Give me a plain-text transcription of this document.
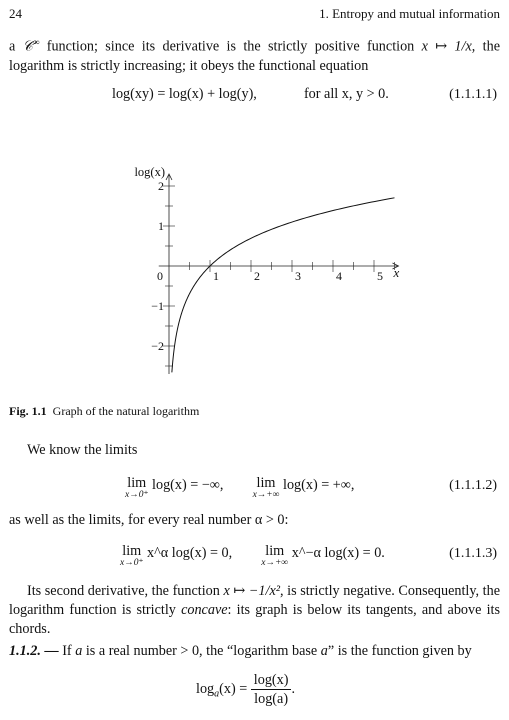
24	1. Entropy and mutual information
a 𝒞∞ function; since its derivative is the strictly positive function x ↦ 1/x, the logarithm is strictly increasing; it obeys the functional equation
log(xy) = log(x) + log(y),	for all x, y > 0.	(1.1.1.1)
1	2	3	4	5
0
2
1
−1
−2
log(x)
x
Fig. 1.1 Graph of the natural logarithm
We know the limits
lim
x→0⁺
log(x) = −∞, lim
x→+∞
log(x) = +∞,	(1.1.1.2)
as well as the limits, for every real number α > 0:
lim
x→0⁺
x^α log(x) = 0, lim
x→+∞
x^−α log(x) = 0.	(1.1.1.3)
Its second derivative, the function x ↦ −1/x², is strictly negative. Consequently, the logarithm function is strictly concave: its graph is below its tangents, and above its chords.
1.1.2. — If a is a real number > 0, the “logarithm base a” is the function given by
$\log_a(x) = \frac{\log(x)}{\log(a)}$ .
